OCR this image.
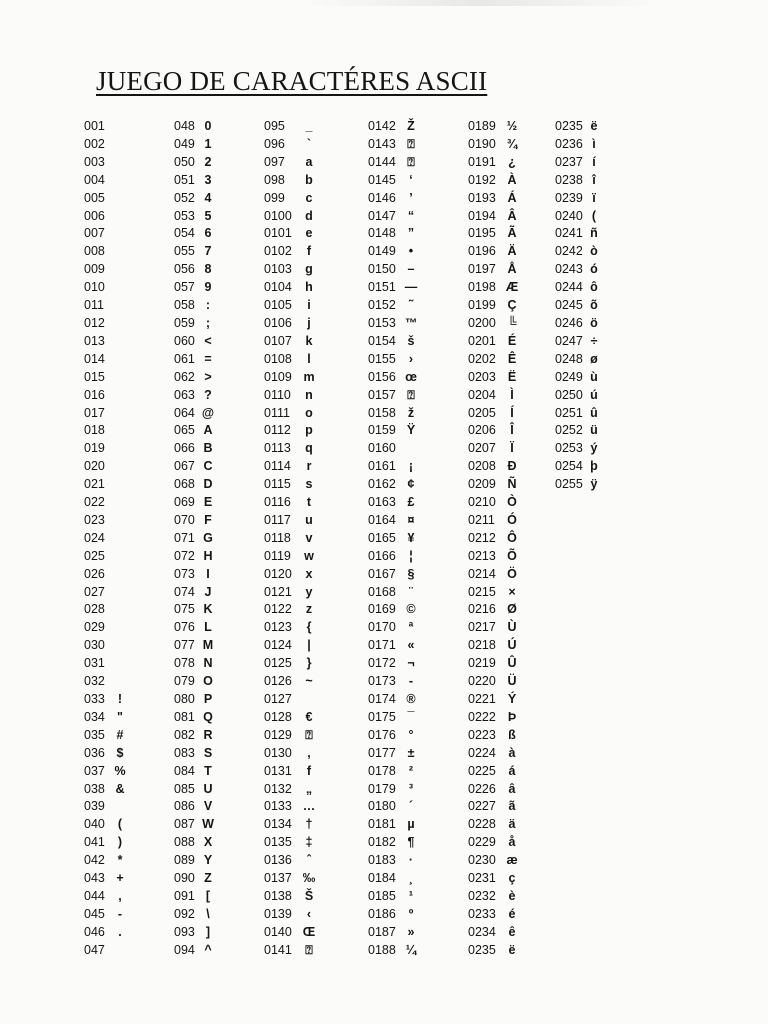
JUEGO DE CARACTÉRES ASCII
001
002
003
004
005
006
007
008
009
010
011
012
013
014
015
016
017
018
019
020
021
022
023
024
025
026
027
028
029
030
031
032
033	!
034 "
035 #
036 $
037 %
038 &
039
040	(
041	)
042	*
043 +
044	,
045	-
046	.
047
048 0
049 1
050 2
051 3
052 4
053 5
054 6
055 7
056 8
057 9
058 :
059 ;
060 <
061 =
062 >
063 ?
064 @
065 A
066 B
067 C
068 D
069 E
070 F
071 G
072 H
073 I
074 J
075 K
076 L
077 M
078 N
079 O
080 P
081 Q
082 R
083 S
084 T
085 U
086 V
087 W
088 X
089 Y
090 Z
091 [
092 \
093 ]
094 ^
095	_
096	`
097	a
098	b
099	c
0100	d
0101	e
0102	f
0103	g
0104	h
0105	i
0106	j
0107	k
0108	l
0109 m
0110	n
0111	o
0112	p
0113	q
0114	r
0115	s
0116	t
0117	u
0118	v
0119	w
0120	x
0121	y
0122	z
0123	{
0124	|
0125	}
0126	~
0127
0128	€
0129	⍰
0130	,
0131	f
0132	„
0133 …
0134	†
0135	‡
0136	ˆ
0137 ‰
0138	Š
0139	‹
0140 Œ
0141	⍰
0142 Ž
0143 ⍰
0144 ⍰
0145	‘
0146	’
0147 “
0148 ”
0149	•
0150 –
0151 —
0152	˜
0153 ™
0154 š
0155	›
0156 œ
0157 ⍰
0158 ž
0159 Ÿ
0160
0161	¡
0162 ¢
0163 £
0164 ¤
0165 ¥
0166	¦
0167 §
0168	¨
0169 ©
0170	ª
0171 «
0172 ¬
0173	-
0174 ®
0175 ¯
0176	°
0177 ±
0178	²
0179	³
0180	´
0181 µ
0182 ¶
0183	·
0184	¸
0185	¹
0186	º
0187 »
0188 ¼
0189 ½
0190 ¾
0191 ¿
0192 À
0193 Á
0194 Â
0195 Ã
0196 Ä
0197 Å
0198 Æ
0199 Ç
0200 ╚
0201 É
0202 Ê
0203 Ë
0204	Ì
0205	Í
0206	Î
0207	Ï
0208 Ð
0209 Ñ
0210 Ò
0211 Ó
0212 Ô
0213 Õ
0214 Ö
0215	×
0216 Ø
0217 Ù
0218 Ú
0219 Û
0220 Ü
0221 Ý
0222 Þ
0223 ß
0224	à
0225	á
0226	â
0227	ã
0228	ä
0229	å
0230 æ
0231	ç
0232	è
0233	é
0234	ê
0235	ë
0235 ë
0236 ì
0237 í
0238 î
0239 ï
0240 (
0241 ñ
0242 ò
0243 ó
0244 ô
0245 õ
0246 ö
0247 ÷
0248 ø
0249 ù
0250 ú
0251 û
0252 ü
0253 ý
0254 þ
0255 ÿ
